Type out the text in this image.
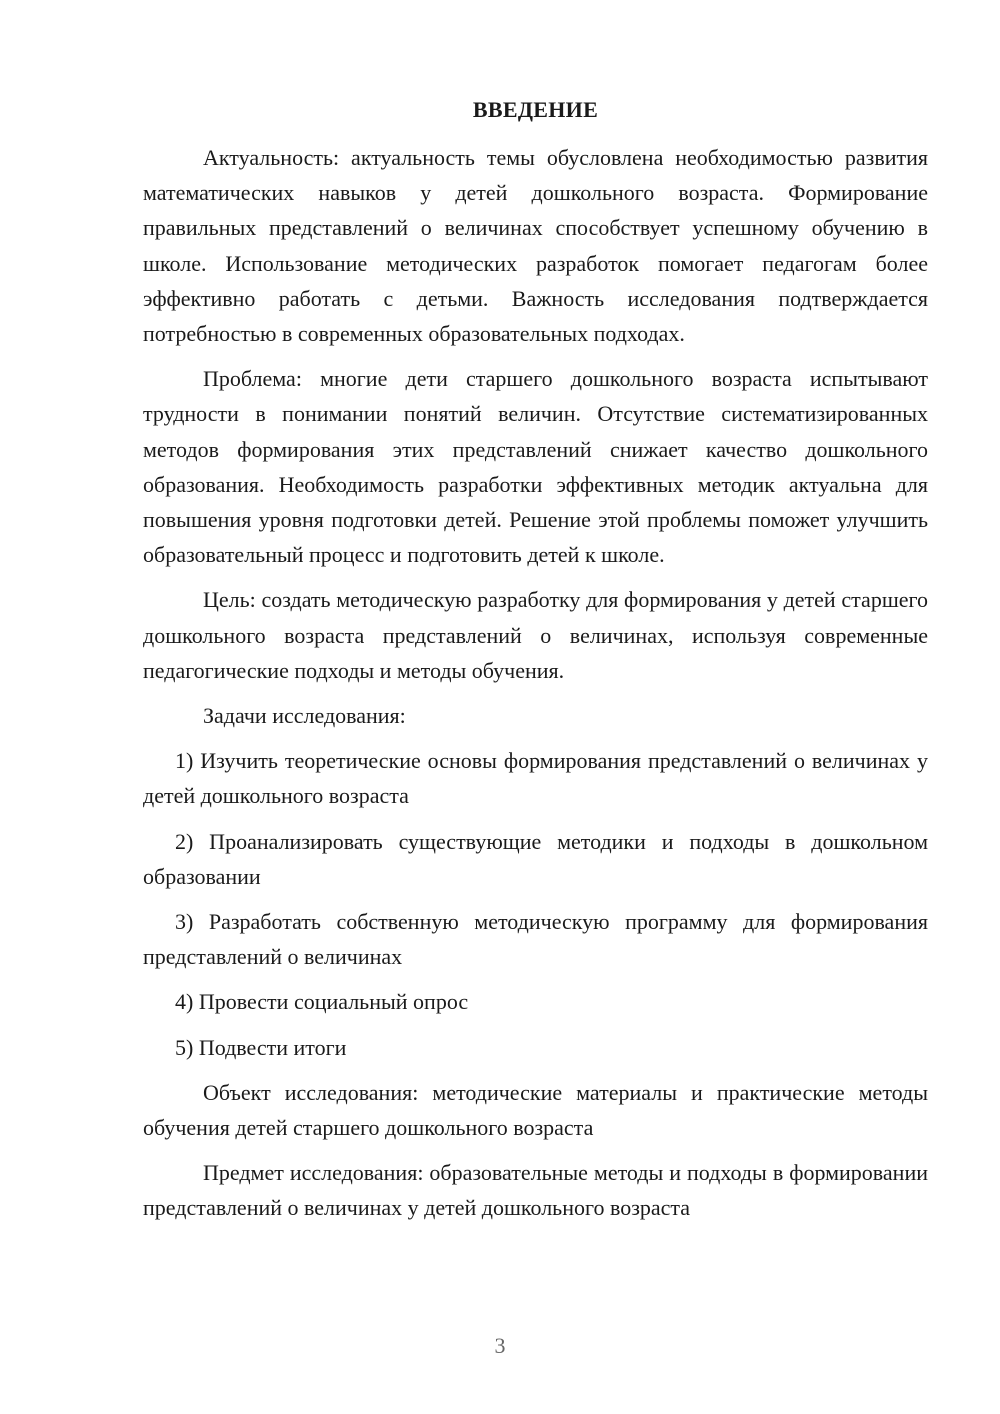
ВВЕДЕНИЕ

Актуальность: актуальность темы обусловлена необходимостью развития математических навыков у детей дошкольного возраста. Формирование правильных представлений о величинах способствует успешному обучению в школе. Использование методических разработок помогает педагогам более эффективно работать с детьми. Важность исследования подтверждается потребностью в современных образовательных подходах.

Проблема: многие дети старшего дошкольного возраста испытывают трудности в понимании понятий величин. Отсутствие систематизированных методов формирования этих представлений снижает качество дошкольного образования. Необходимость разработки эффективных методик актуальна для повышения уровня подготовки детей. Решение этой проблемы поможет улучшить образовательный процесс и подготовить детей к школе.

Цель: создать методическую разработку для формирования у детей старшего дошкольного возраста представлений о величинах, используя современные педагогические подходы и методы обучения.

Задачи исследования:

1) Изучить теоретические основы формирования представлений о величинах у детей дошкольного возраста

2) Проанализировать существующие методики и подходы в дошкольном образовании

3) Разработать собственную методическую программу для формирования представлений о величинах

4) Провести социальный опрос

5) Подвести итоги

Объект исследования: методические материалы и практические методы обучения детей старшего дошкольного возраста

Предмет исследования: образовательные методы и подходы в формировании представлений о величинах у детей дошкольного возраста

3
